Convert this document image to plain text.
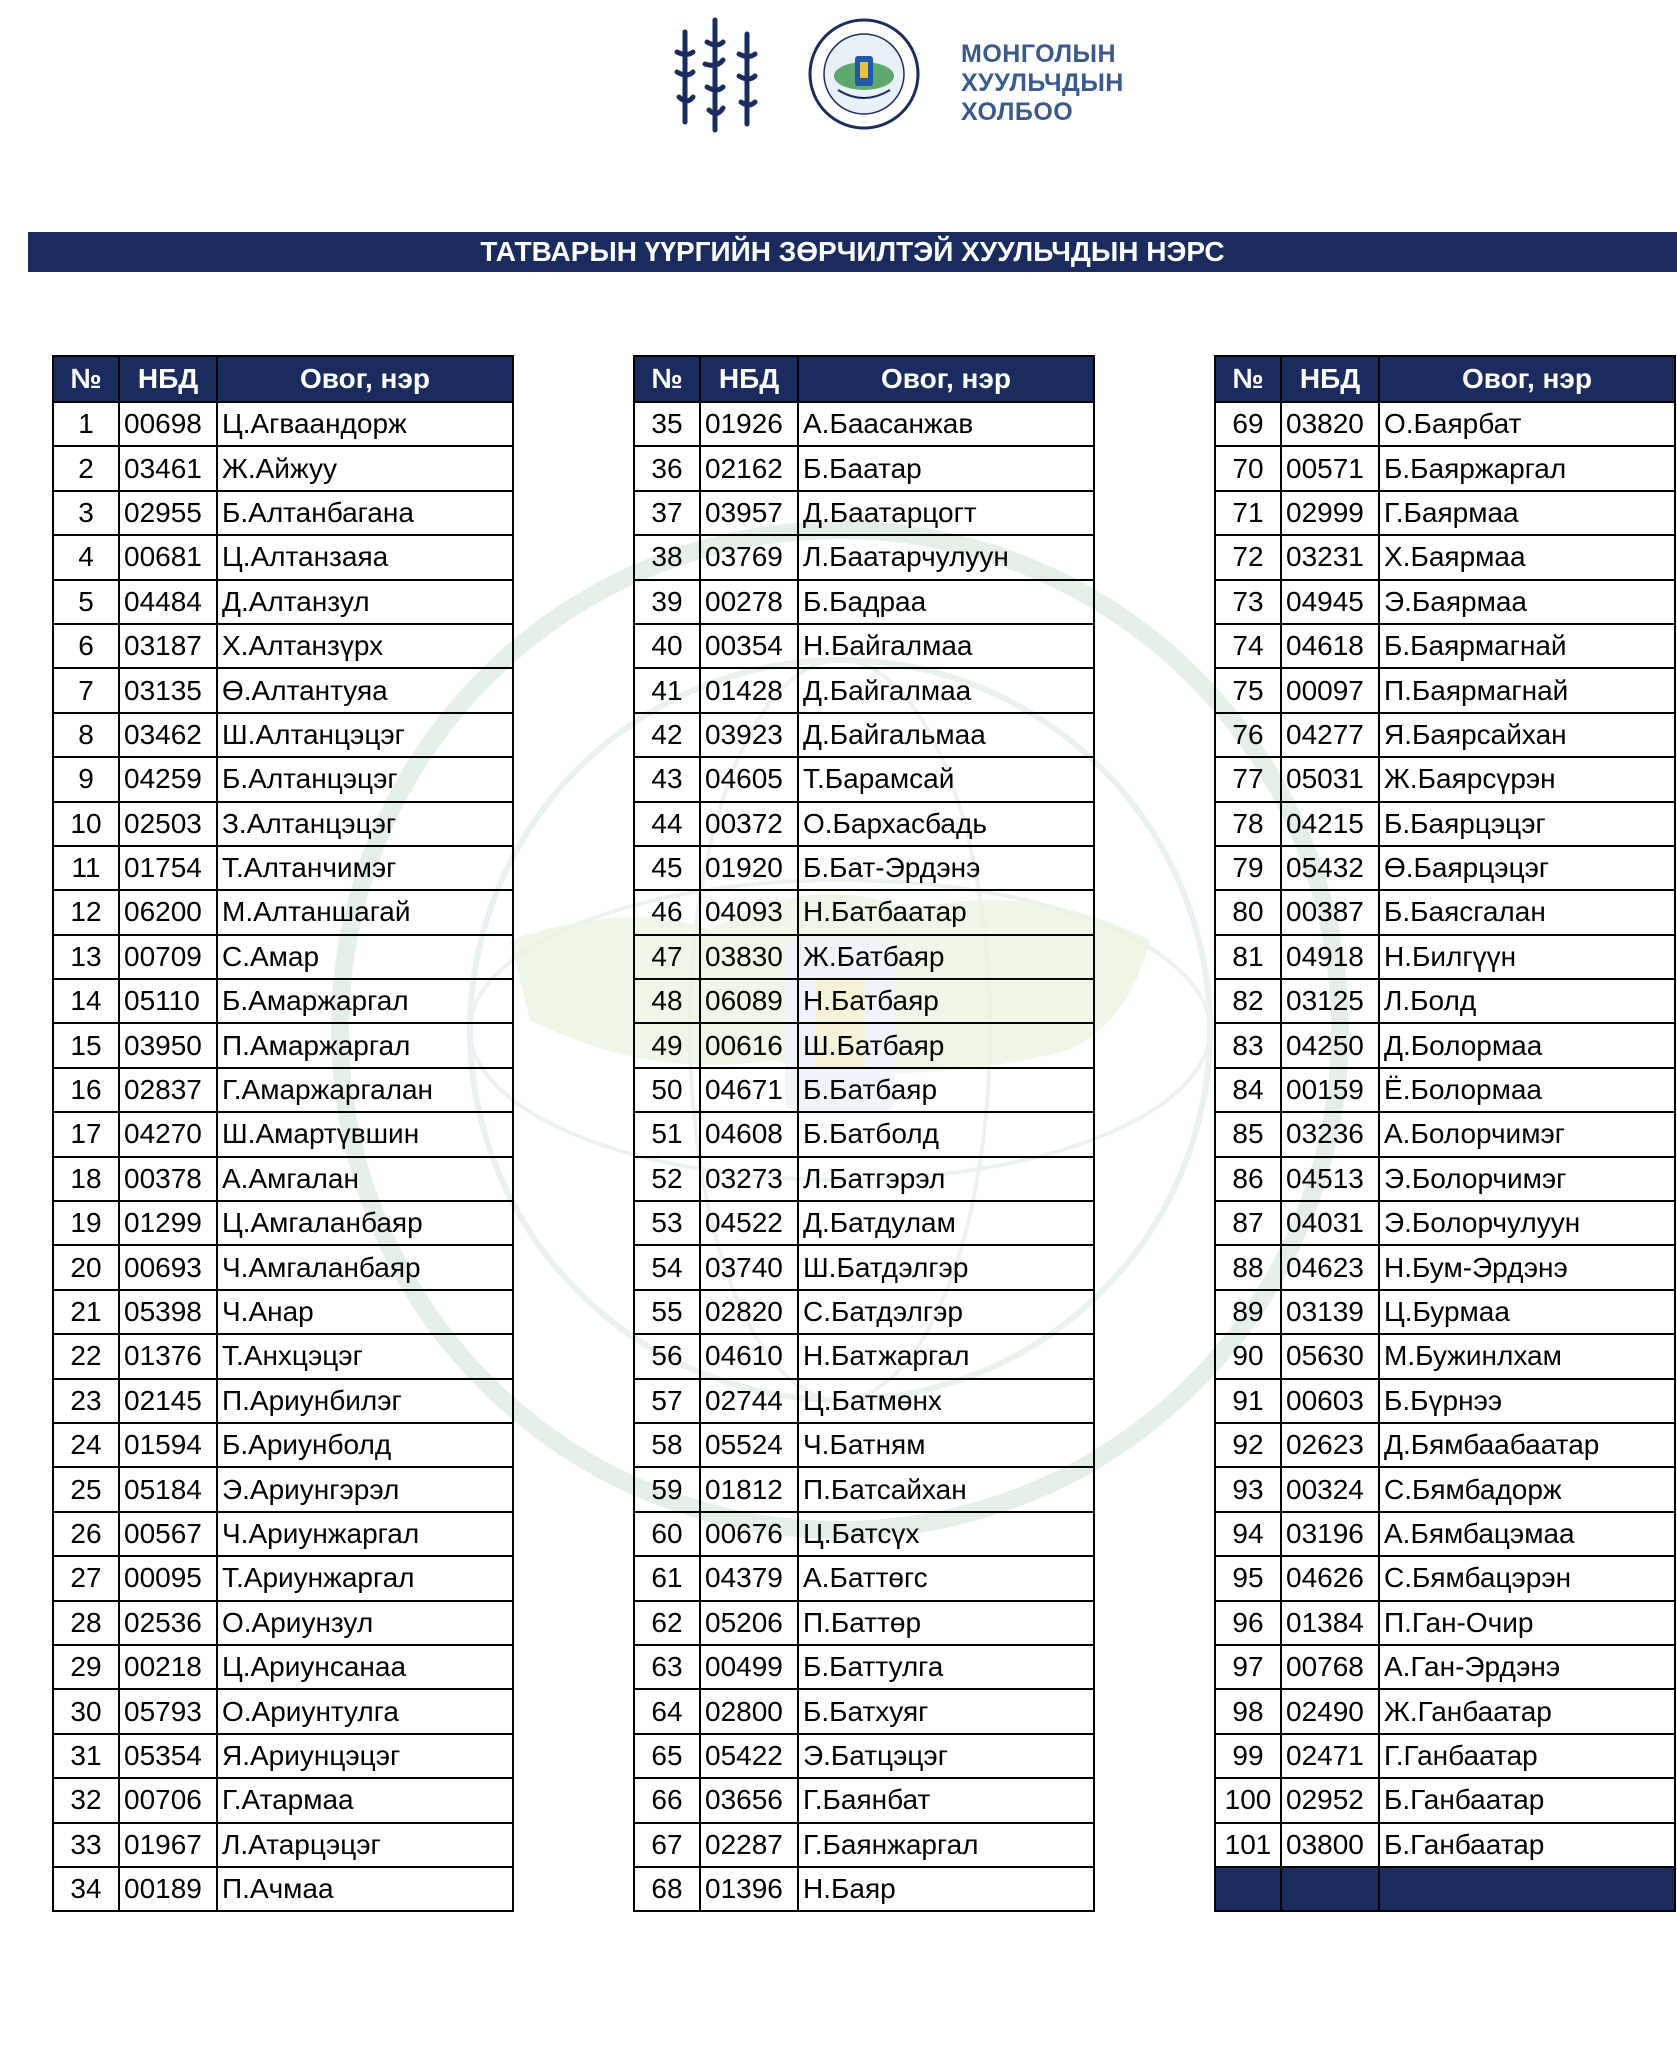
МОНГОЛЫН
ХУУЛЬЧДЫН
ХОЛБОО
ТАТВАРЫН ҮҮРГИЙН ЗӨРЧИЛТЭЙ ХУУЛЬЧДЫН НЭРС
№	НБД	Овог, нэр
1	00698	Ц.Агваандорж
2	03461	Ж.Айжуу
3	02955	Б.Алтанбагана
4	00681	Ц.Алтанзаяа
5	04484	Д.Алтанзул
6	03187	Х.Алтанзүрх
7	03135	Ө.Алтантуяа
8	03462	Ш.Алтанцэцэг
9	04259	Б.Алтанцэцэг
10	02503	З.Алтанцэцэг
11	01754	Т.Алтанчимэг
12	06200	М.Алтаншагай
13	00709	С.Амар
14	05110	Б.Амаржаргал
15	03950	П.Амаржаргал
16	02837	Г.Амаржаргалан
17	04270	Ш.Амартүвшин
18	00378	А.Амгалан
19	01299	Ц.Амгаланбаяр
20	00693	Ч.Амгаланбаяр
21	05398	Ч.Анар
22	01376	Т.Анхцэцэг
23	02145	П.Ариунбилэг
24	01594	Б.Ариунболд
25	05184	Э.Ариунгэрэл
26	00567	Ч.Ариунжаргал
27	00095	Т.Ариунжаргал
28	02536	О.Ариунзул
29	00218	Ц.Ариунсанаа
30	05793	О.Ариунтулга
31	05354	Я.Ариунцэцэг
32	00706	Г.Атармаа
33	01967	Л.Атарцэцэг
34	00189	П.Ачмаа
№	НБД	Овог, нэр
35	01926	А.Баасанжав
36	02162	Б.Баатар
37	03957	Д.Баатарцогт
38	03769	Л.Баатарчулуун
39	00278	Б.Бадраа
40	00354	Н.Байгалмаа
41	01428	Д.Байгалмаа
42	03923	Д.Байгальмаа
43	04605	Т.Барамсай
44	00372	О.Бархасбадь
45	01920	Б.Бат-Эрдэнэ
46	04093	Н.Батбаатар
47	03830	Ж.Батбаяр
48	06089	Н.Батбаяр
49	00616	Ш.Батбаяр
50	04671	Б.Батбаяр
51	04608	Б.Батболд
52	03273	Л.Батгэрэл
53	04522	Д.Батдулам
54	03740	Ш.Батдэлгэр
55	02820	С.Батдэлгэр
56	04610	Н.Батжаргал
57	02744	Ц.Батмөнх
58	05524	Ч.Батням
59	01812	П.Батсайхан
60	00676	Ц.Батсүх
61	04379	А.Баттөгс
62	05206	П.Баттөр
63	00499	Б.Баттулга
64	02800	Б.Батхуяг
65	05422	Э.Батцэцэг
66	03656	Г.Баянбат
67	02287	Г.Баянжаргал
68	01396	Н.Баяр
№	НБД	Овог, нэр
69	03820	О.Баярбат
70	00571	Б.Баяржаргал
71	02999	Г.Баярмаа
72	03231	Х.Баярмаа
73	04945	Э.Баярмаа
74	04618	Б.Баярмагнай
75	00097	П.Баярмагнай
76	04277	Я.Баярсайхан
77	05031	Ж.Баярсүрэн
78	04215	Б.Баярцэцэг
79	05432	Ө.Баярцэцэг
80	00387	Б.Баясгалан
81	04918	Н.Билгүүн
82	03125	Л.Болд
83	04250	Д.Болормаа
84	00159	Ё.Болормаа
85	03236	А.Болорчимэг
86	04513	Э.Болорчимэг
87	04031	Э.Болорчулуун
88	04623	Н.Бум-Эрдэнэ
89	03139	Ц.Бурмаа
90	05630	М.Бужинлхам
91	00603	Б.Бүрнээ
92	02623	Д.Бямбаабаатар
93	00324	С.Бямбадорж
94	03196	А.Бямбацэмаа
95	04626	С.Бямбацэрэн
96	01384	П.Ган-Очир
97	00768	А.Ган-Эрдэнэ
98	02490	Ж.Ганбаатар
99	02471	Г.Ганбаатар
100	02952	Б.Ганбаатар
101	03800	Б.Ганбаатар
